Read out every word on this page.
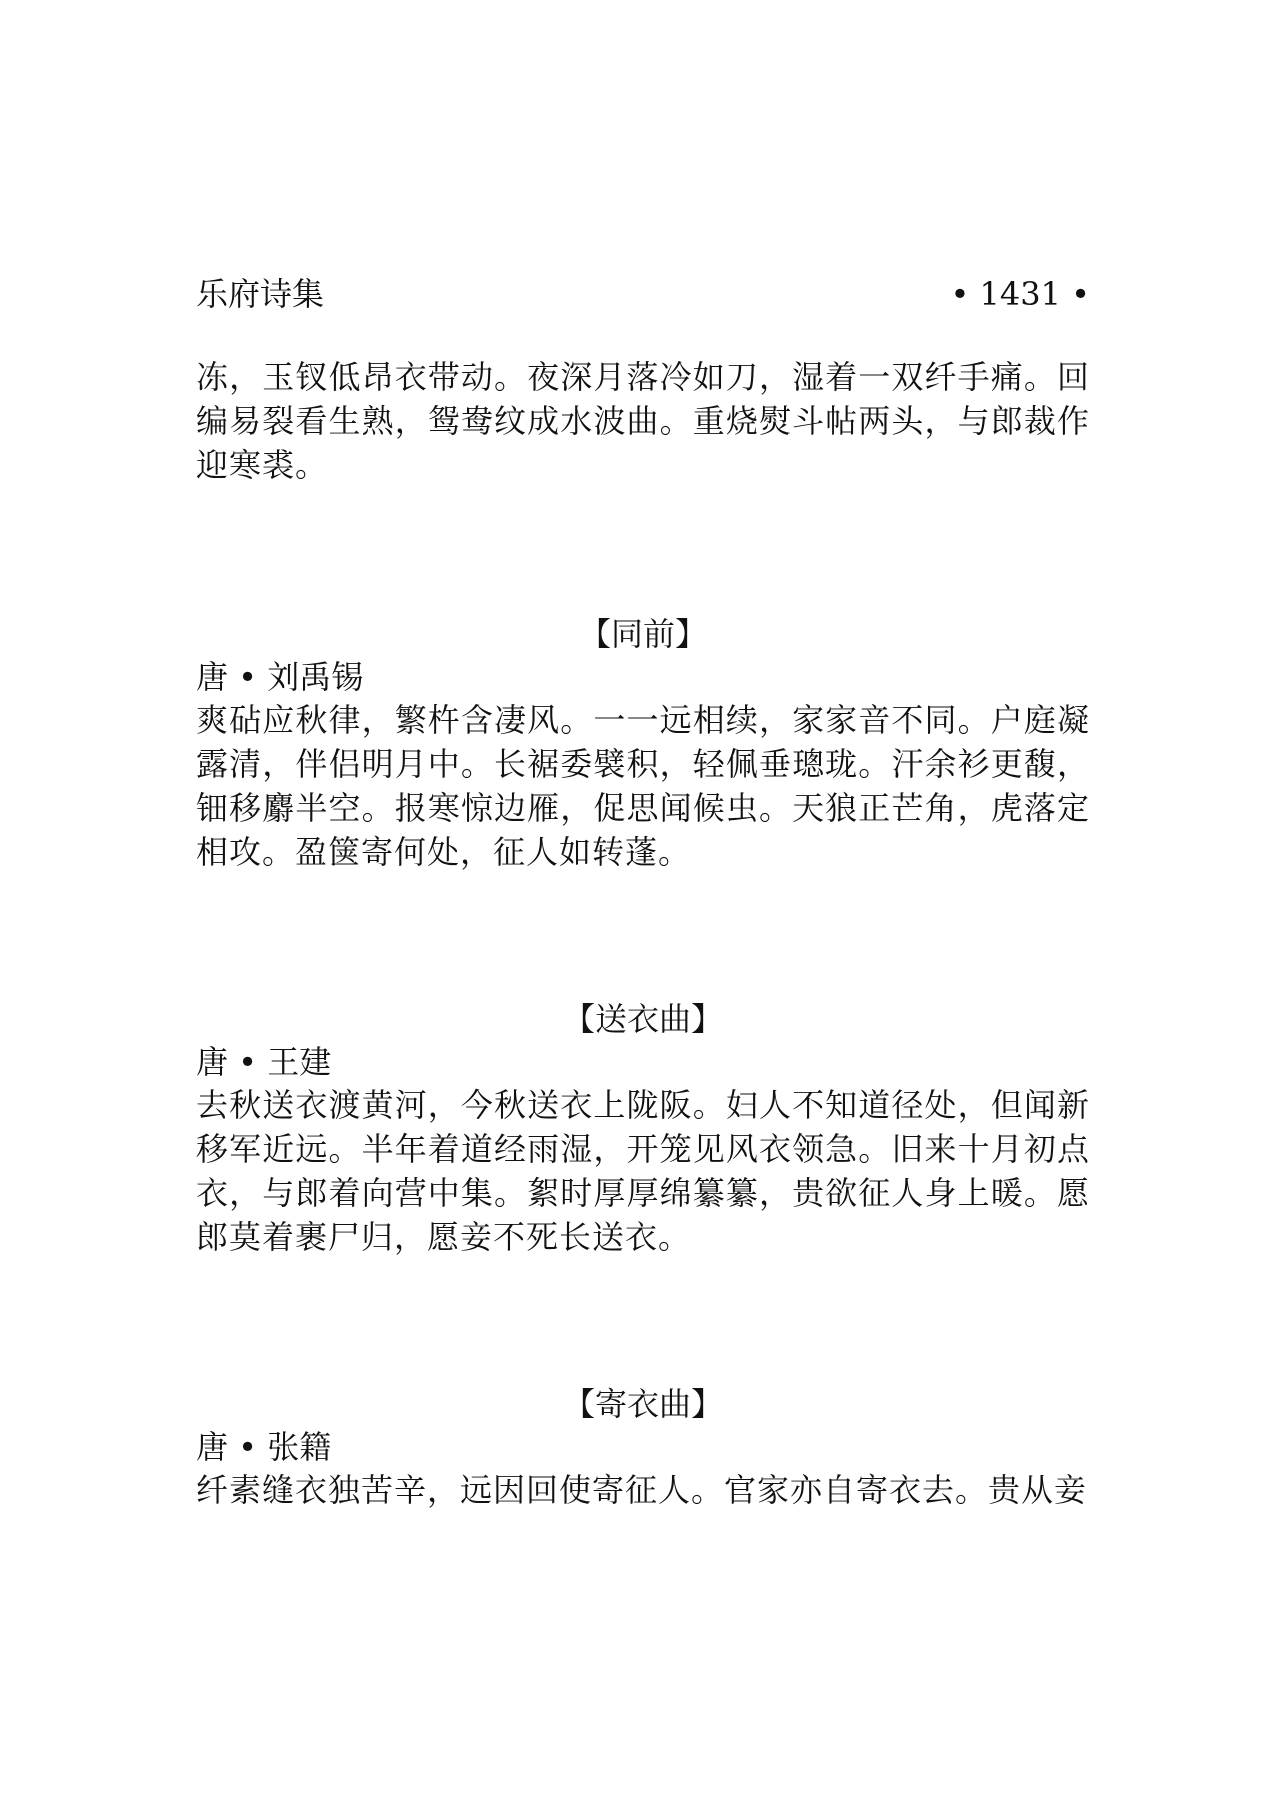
乐府诗集	• 1431 •

冻，玉钗低昂衣带动。夜深月落冷如刀，湿着一双纤手痛。回编易裂看生熟，鸳鸯纹成水波曲。重烧熨斗帖两头，与郎裁作迎寒裘。

【同前】
唐 • 刘禹锡

爽砧应秋律，繁杵含凄风。一一远相续，家家音不同。户庭凝露清，伴侣明月中。长裾委襞积，轻佩垂璁珑。汗余衫更馥，钿移麝半空。报寒惊边雁，促思闻候虫。天狼正芒角，虎落定相攻。盈箧寄何处，征人如转蓬。

【送衣曲】
唐 • 王建

去秋送衣渡黄河，今秋送衣上陇阪。妇人不知道径处，但闻新移军近远。半年着道经雨湿，开笼见风衣领急。旧来十月初点衣，与郎着向营中集。絮时厚厚绵纂纂，贵欲征人身上暖。愿郎莫着裹尸归，愿妾不死长送衣。

【寄衣曲】
唐 • 张籍

纤素缝衣独苦辛，远因回使寄征人。官家亦自寄衣去。贵从妾
